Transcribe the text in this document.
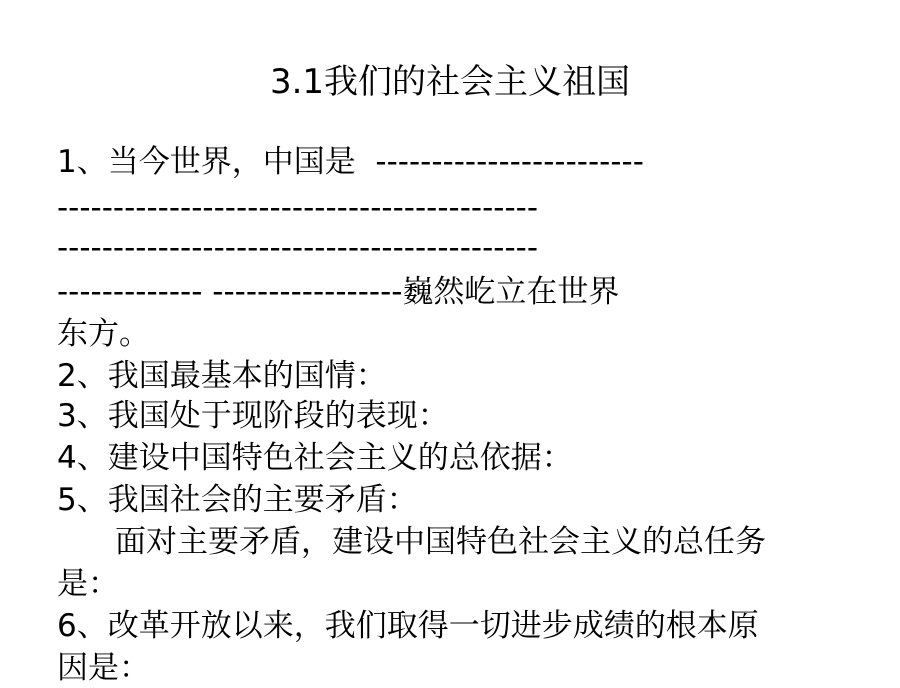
3.1我们的社会主义祖国
1、当今世界，中国是  ------------------------
-------------------------------------------
-------------------------------------------
------------- -----------------巍然屹立在世界
东方。
2、我国最基本的国情：
3、我国处于现阶段的表现：
4、建设中国特色社会主义的总依据：
5、我国社会的主要矛盾：
面对主要矛盾，建设中国特色社会主义的总任务
是：
6、改革开放以来，我们取得一切进步成绩的根本原
因是：
